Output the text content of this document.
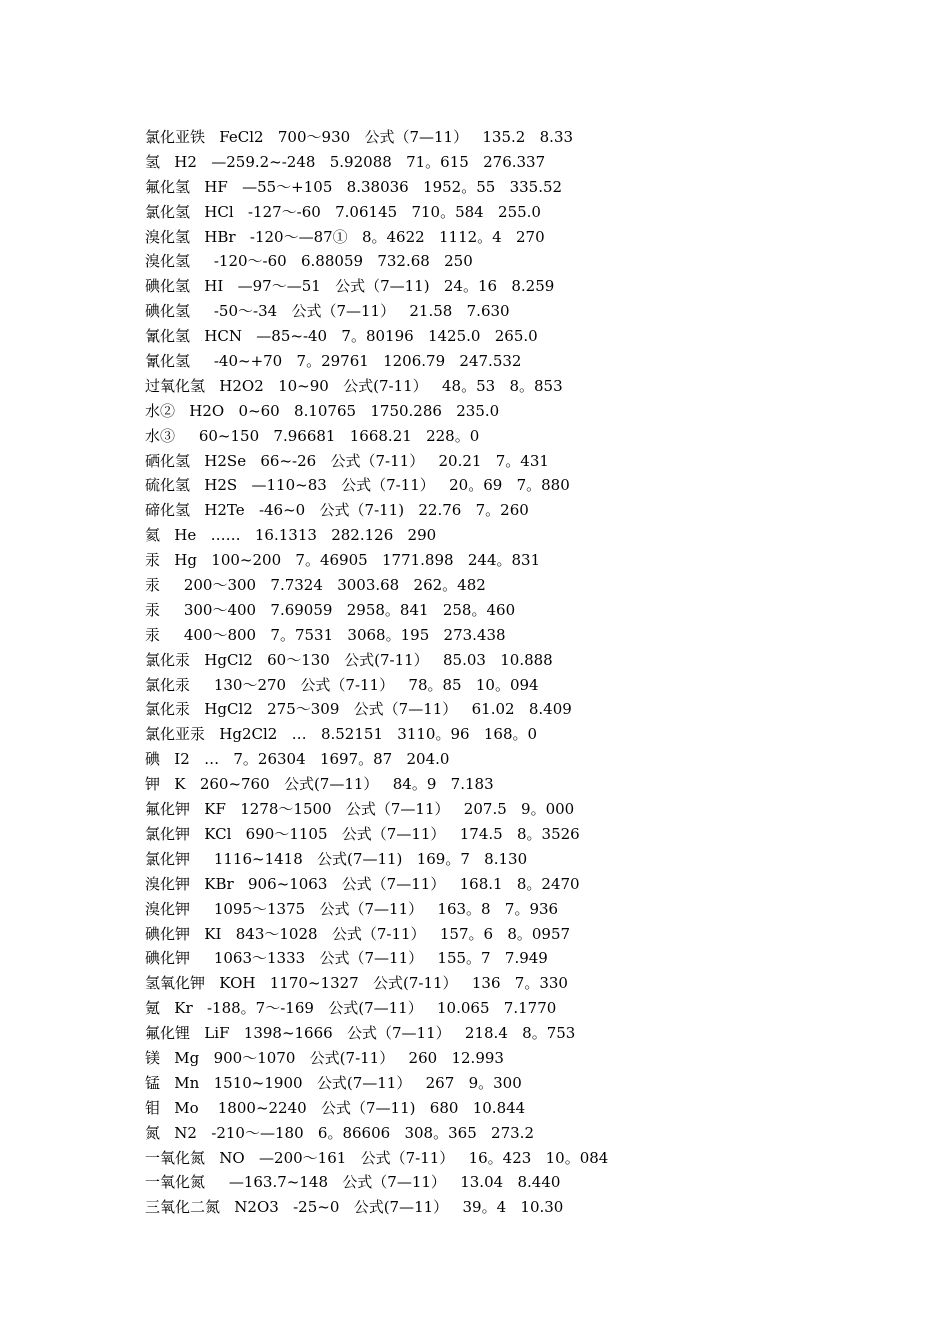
氯化亚铁   FeCl2   700～930   公式（7—11）   135.2   8.33
氢   H2   —259.2~-248   5.92088   71。615   276.337
氟化氢   HF   —55～+105   8.38036   1952。55   335.52
氯化氢   HCl   -127～-60   7.06145   710。584   255.0
溴化氢   HBr   -120～—87①   8。4622   1112。4   270
溴化氢     -120～-60   6.88059   732.68   250
碘化氢   HI   —97～—51   公式（7—11)   24。16   8.259
碘化氢     -50～-34   公式（7—11）   21.58   7.630
氰化氢   HCN   —85~-40   7。80196   1425.0   265.0
氰化氢     -40~+70   7。29761   1206.79   247.532
过氧化氢   H2O2   10~90   公式(7-11）   48。53   8。853
水②   H2O   0~60   8.10765   1750.286   235.0
水③     60~150   7.96681   1668.21   228。0
硒化氢   H2Se   66~-26   公式（7-11）   20.21   7。431
硫化氢   H2S   —110~83   公式（7-11）   20。69   7。880
碲化氢   H2Te   -46~0   公式（7-11)   22.76   7。260
氦   He   ……   16.1313   282.126   290
汞   Hg   100~200   7。46905   1771.898   244。831
汞     200～300   7.7324   3003.68   262。482
汞     300～400   7.69059   2958。841   258。460
汞     400～800   7。7531   3068。195   273.438
氯化汞   HgCl2   60～130   公式(7-11）   85.03   10.888
氯化汞     130～270   公式（7-11）   78。85   10。094
氯化汞   HgCl2   275～309   公式（7—11）   61.02   8.409
氯化亚汞   Hg2Cl2   …   8.52151   3110。96   168。0
碘   I2   …   7。26304   1697。87   204.0
钾   K   260~760   公式(7—11）   84。9   7.183
氟化钾   KF   1278～1500   公式（7—11）   207.5   9。000
氯化钾   KCl   690～1105   公式（7—11）   174.5   8。3526
氯化钾     1116~1418   公式(7—11)   169。7   8.130
溴化钾   KBr   906~1063   公式（7—11）   168.1   8。2470
溴化钾     1095～1375   公式（7—11）   163。8   7。936
碘化钾   KI   843～1028   公式（7-11）   157。6   8。0957
碘化钾     1063～1333   公式（7—11）   155。7   7.949
氢氧化钾   KOH   1170~1327   公式(7-11）   136   7。330
氪   Kr   -188。7～-169   公式(7—11）   10.065   7.1770
氟化锂   LiF   1398~1666   公式（7—11）   218.4   8。753
镁   Mg   900～1070   公式(7-11）   260   12.993
锰   Mn   1510~1900   公式(7—11）   267   9。300
钼   Mo    1800~2240   公式（7—11)   680   10.844
氮   N2   -210～—180   6。86606   308。365   273.2
一氧化氮   NO   —200～161   公式（7-11）   16。423   10。084
一氧化氮     —163.7~148   公式（7—11）   13.04   8.440
三氧化二氮   N2O3   -25~0   公式(7—11）   39。4   10.30
